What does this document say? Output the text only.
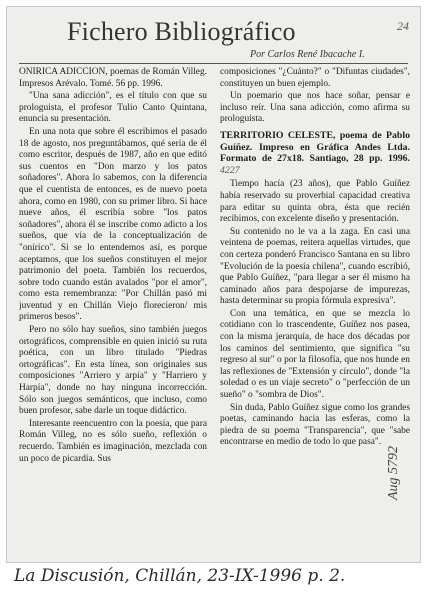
Fichero Bibliográfico	24
Por Carlos René Ibacache I.

ONIRICA ADICCION, poemas de Román Villeg. Impresos Arévalo. Tomé. 56 pp. 1996.

"Una sana adicción", es el título con que su prologuista, el profesor Tulio Canto Quintana, enuncia su presentación.

En una nota que sobre él escribimos el pasado 18 de agosto, nos preguntábamos, qué sería de él como escritor, después de 1987, año en que editó sus cuentos en "Don marzo y los patos soñadores". Ahora lo sabemos, con la diferencia que el cuentista de entonces, es de nuevo poeta ahora, como en 1980, con su primer libro. Si hace nueve años, él escribía sobre "los patos soñadores", ahora él se inscribe como adicto a los sueños, que vía de la conceptualización de "onírico". Si se lo entendemos así, es porque aceptamos, que los sueños constituyen el mejor patrimonio del poeta. También los recuerdos, sobre todo cuando están avalados "por el amor", como esta remembranza: "Por Chillán pasó mi juventud y en Chillán Viejo florecieron/ mis primeros besos".

Pero no sólo hay sueños, sino también juegos ortográficos, comprensible en quien inició su ruta poética, con un libro titulado "Piedras ortográficas". En esta línea, son originales sus composiciones "Arriero y arpía" y "Harriero y Harpía", donde no hay ninguna incorrección. Sólo son juegos semánticos, que incluso, como buen profesor, sabe darle un toque didáctico.

Interesante reencuentro con la poesía, que para Román Villeg, no es sólo sueño, reflexión o recuerdo. También es imaginación, mezclada con un poco de picardía. Sus

composiciones "¿Cuánto?" o "Difuntas ciudades", constituyen un buen ejemplo.

Un poemario que nos hace soñar, pensar e incluso reír. Una sana adicción, como afirma su prologuista.

TERRITORIO CELESTE, poema de Pablo Guíñez. Impreso en Gráfica Andes Ltda. Formato de 27x18. Santiago, 28 pp. 1996. 4227

Tiempo hacía (23 años), que Pablo Guíñez había reservado su proverbial capacidad creativa para editar su quinta obra, ésta que recién recibimos, con excelente diseño y presentación.

Su contenido no le va a la zaga. En casi una veintena de poemas, reitera aquellas virtudes, que con certeza ponderó Francisco Santana en su libro "Evolución de la poesía chilena", cuando escribió, que Pablo Guíñez, "para llegar a ser él mismo ha caminado años para despojarse de impurezas, hasta determinar su propia fórmula expresiva".

Con una temática, en que se mezcla lo cotidiano con lo trascendente, Guíñez nos pasea, con la misma jerarquía, de hace dos décadas por los caminos del sentimiento, que significa "su regreso al sur" o por la filosofía, que nos hunde en las reflexiones de "Extensión y círculo", donde "la soledad o es un viaje secreto" o "perfección de un sueño" o "sombra de Dios".

Sin duda, Pablo Guíñez sigue como los grandes poetas, caminando hacia las esferas, como la piedra de su poema "Transparencia", que "sabe encontrarse en medio de todo lo que pasa".

Aug 5792
La Discusión, Chillán, 23-IX-1996 p. 2.
